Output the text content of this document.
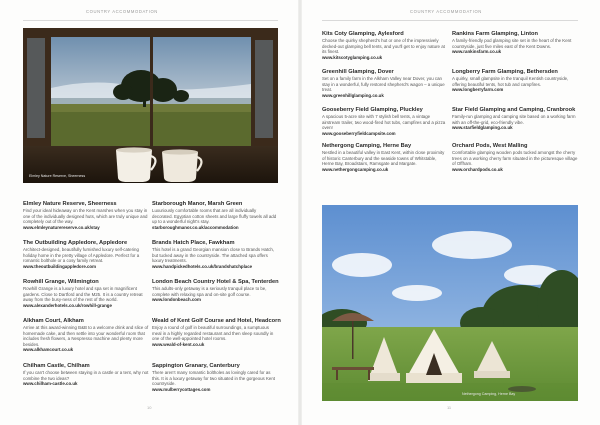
COUNTRY ACCOMMODATION
Elmley Nature Reserve, Sheerness
Elmley Nature Reserve, Sheerness
Find your ideal hideaway on the Kent marshes when you stay in one of the individually designed huts, which are truly unique and completely out of the way.
www.elmleynaturereserve.co.uk/stay
The Outbuilding Appledore, Appledore
Architect-designed, beautifully furnished luxury self-catering holiday home in the pretty village of Appledore. Perfect for a romantic bolthole or a cosy family retreat.
www.theoutbuildingappledore.com
Rowhill Grange, Wilmington
Rowhill Grange is a luxury hotel and spa set in magnificent gardens. Close to Dartford and the M25. It is a country retreat away from the busy-ness of the rest of the world.
www.alexanderhotels.co.uk/rowhill-grange
Alkham Court, Alkham
Arrive at this award-winning B&B to a welcome drink and slice of homemade cake, and then settle into your wonderful room that includes fresh flowers, a Nespresso machine and plenty more besides.
www.alkhamcourt.co.uk
Chilham Castle, Chilham
If you can't choose between staying in a castle or a tent, why not combine the two ideas?
www.chilham-castle.co.uk
Starborough Manor, Marsh Green
Luxuriously comfortable rooms that are all individually decorated. Egyptian cotton sheets and large fluffy towels all add up to a wonderful night's stay.
starboroughmanor.co.uk/accommodation
Brands Hatch Place, Fawkham
This hotel is a grand Georgian mansion close to Brands Hatch, but tucked away in the countryside. The attached spa offers luxury treatments.
www.handpickedhotels.co.uk/brandshatchplace
London Beach Country Hotel & Spa, Tenterden
This adults-only getaway is a seriously tranquil place to be, complete with relaxing spa and on-site golf course.
www.londonbeach.com
Weald of Kent Golf Course and Hotel, Headcorn
Enjoy a round of golf in beautiful surroundings, a sumptuous meal in a highly regarded restaurant and then sleep soundly in one of the well-appointed hotel rooms.
www.weald-of-kent.co.uk
Sappington Granary, Canterbury
There aren't many romantic boltholes as lovingly cared for as this. It is a luxury getaway for two situated in the gorgeous Kent countryside.
www.mulberrycottages.com
10
COUNTRY ACCOMMODATION
Kits Coty Glamping, Aylesford
Choose the quirky shepherd's hut or one of the impressively decked-out glamping bell tents, and you'll get to enjoy nature at its finest.
www.kitscotyglamping.co.uk
Greenhill Glamping, Dover
Set on a family farm in the Alkham Valley near Dover, you can stay in a wonderful, fully restored shepherd's wagon – a unique treat.
www.greenhillglamping.co.uk
Gooseberry Field Glamping, Pluckley
A spacious 5-acre site with 7 stylish bell tents, a vintage airstream trailer, two wood-fired hot tubs, campfires and a pizza oven!
www.gooseberryfieldcampsite.com
Nethergong Camping, Herne Bay
Nestled in a beautiful valley in East Kent, within close proximity of historic Canterbury and the seaside towns of Whitstable, Herne Bay, Broadstairs, Ramsgate and Margate.
www.nethergongcamping.co.uk
Rankins Farm Glamping, Linton
A family-friendly pod glamping site set in the heart of the Kent countryside, just five miles east of the Kent Downs.
www.rankinsfarm.co.uk
Longberry Farm Glamping, Bethersden
A quirky, small glampsite in the tranquil Kentish countryside, offering beautiful tents, hot tub and campfires.
www.longberryfarm.com
Star Field Glamping and Camping, Cranbrook
Family-run glamping and camping site based on a working farm with an off-the-grid, eco-friendly vibe.
www.starfieldglamping.co.uk
Orchard Pods, West Malling
Comfortable glamping wooden pods tucked amongst the cherry trees on a working cherry farm situated in the picturesque village of Offham.
www.orchardpods.co.uk
Nethergong Camping, Herne Bay
11
